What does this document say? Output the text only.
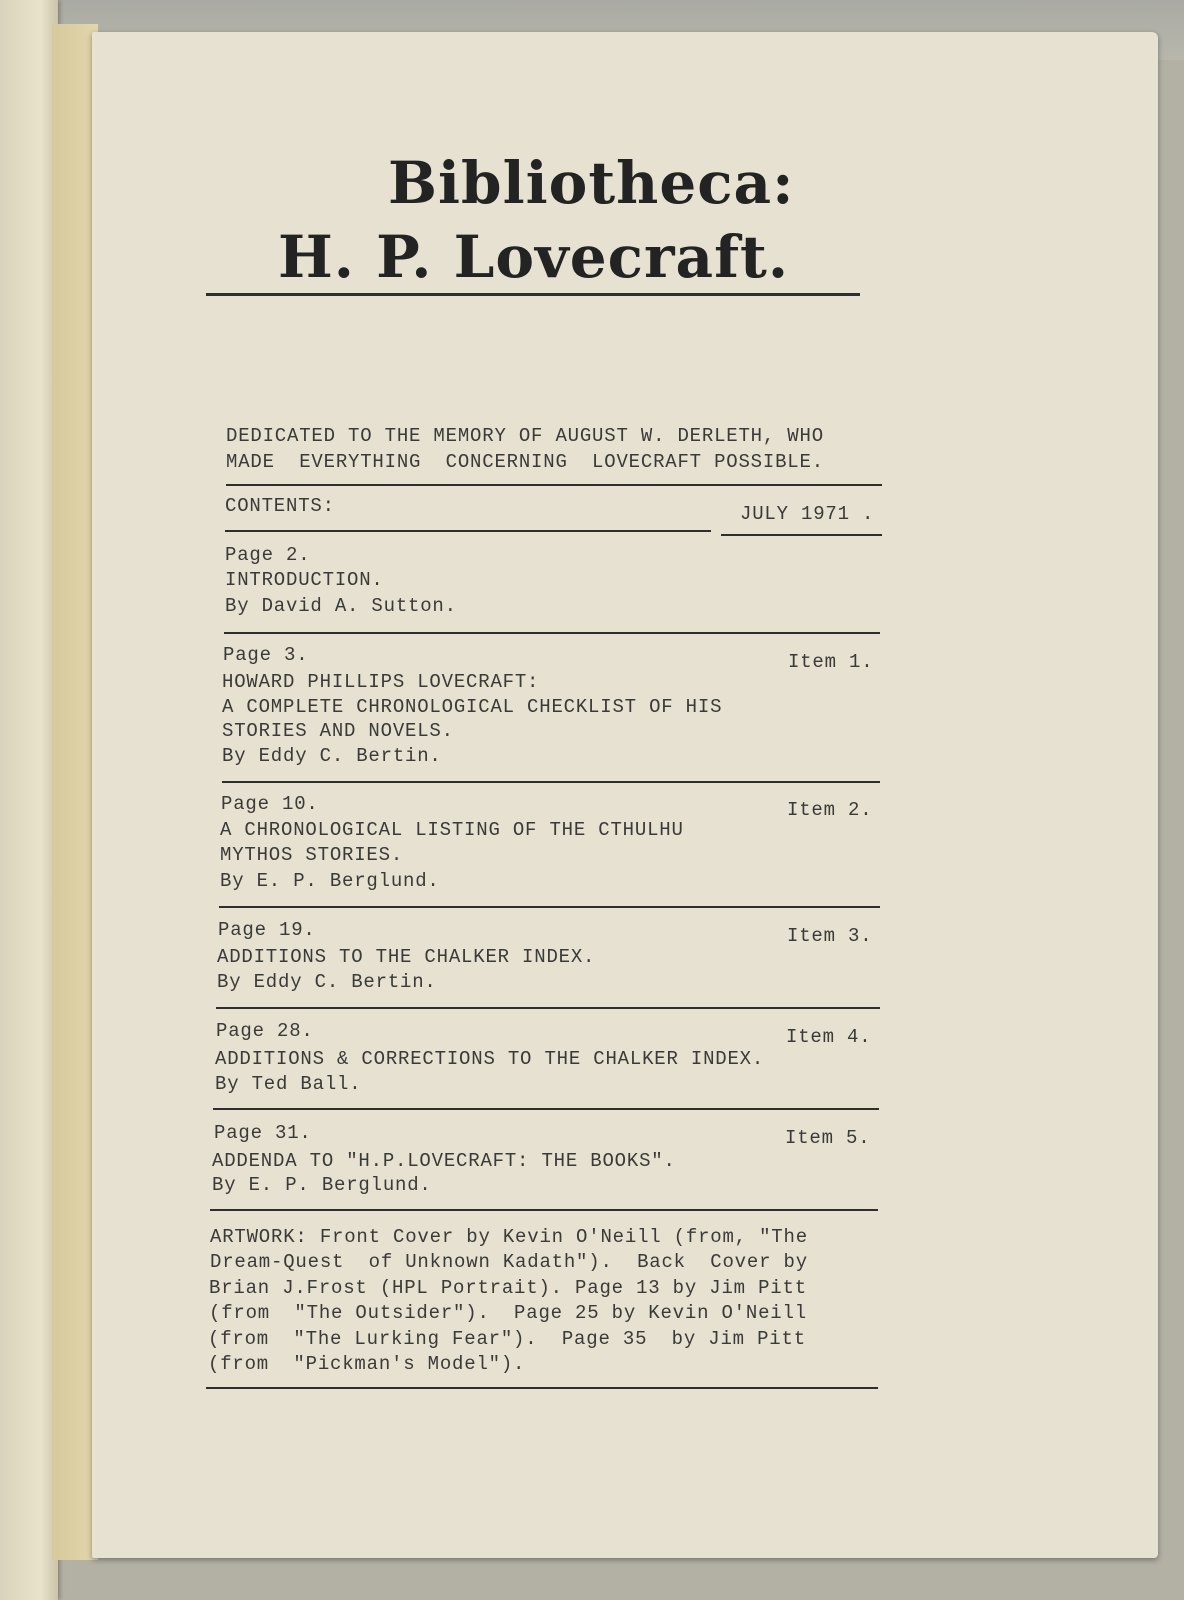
Bibliotheca:
H. P. Lovecraft.
DEDICATED TO THE MEMORY OF AUGUST W. DERLETH, WHO
MADE  EVERYTHING  CONCERNING  LOVECRAFT POSSIBLE.
CONTENTS:	JULY 1971 .
Page 2.
INTRODUCTION.
By David A. Sutton.
Page 3.	Item 1.
HOWARD PHILLIPS LOVECRAFT:
A COMPLETE CHRONOLOGICAL CHECKLIST OF HIS
STORIES AND NOVELS.
By Eddy C. Bertin.
Page 10.	Item 2.
A CHRONOLOGICAL LISTING OF THE CTHULHU
MYTHOS STORIES.
By E. P. Berglund.
Page 19.	Item 3.
ADDITIONS TO THE CHALKER INDEX.
By Eddy C. Bertin.
Page 28.	Item 4.
ADDITIONS & CORRECTIONS TO THE CHALKER INDEX.
By Ted Ball.
Page 31.	Item 5.
ADDENDA TO "H.P.LOVECRAFT: THE BOOKS".
By E. P. Berglund.
ARTWORK: Front Cover by Kevin O'Neill (from, "The
Dream-Quest  of Unknown Kadath").  Back  Cover by
Brian J.Frost (HPL Portrait). Page 13 by Jim Pitt
(from  "The Outsider").  Page 25 by Kevin O'Neill
(from  "The Lurking Fear").  Page 35  by Jim Pitt
(from  "Pickman's Model").
